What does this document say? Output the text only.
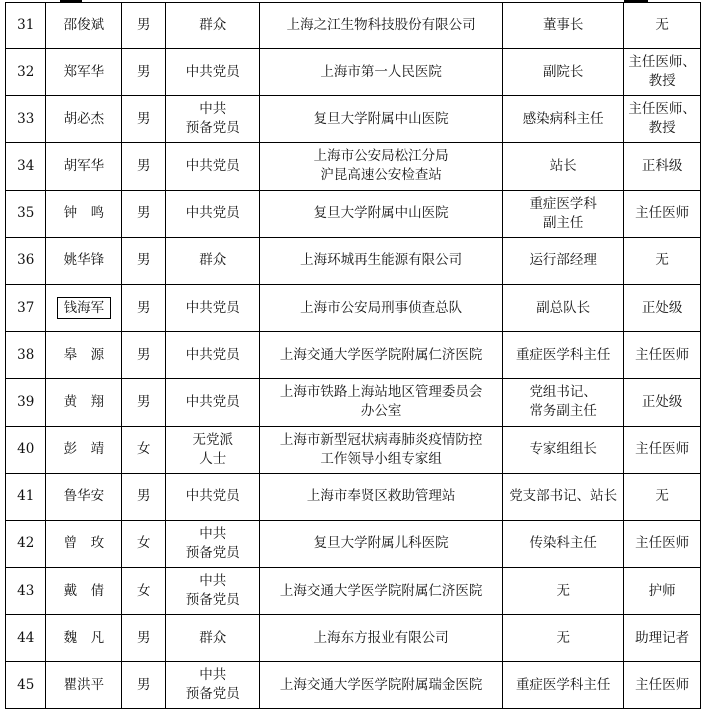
31	邵俊斌	男	群众	上海之江生物科技股份有限公司	董事长	无
32	郑军华	男	中共党员	上海市第一人民医院	副院长	主任医师、
教授
33	胡必杰	男	中共
预备党员	复旦大学附属中山医院	感染病科主任	主任医师、
教授
34	胡军华	男	中共党员	上海市公安局松江分局
沪昆高速公安检查站	站长	正科级
35	钟　鸣	男	中共党员	复旦大学附属中山医院	重症医学科
副主任	主任医师
36	姚华锋	男	群众	上海环城再生能源有限公司	运行部经理	无
37	钱海军	男	中共党员	上海市公安局刑事侦查总队	副总队长	正处级
38	皋　源	男	中共党员	上海交通大学医学院附属仁济医院	重症医学科主任	主任医师
39	黄　翔	男	中共党员	上海市铁路上海站地区管理委员会
办公室	党组书记、
常务副主任	正处级
40	彭　靖	女	无党派
人士	上海市新型冠状病毒肺炎疫情防控
工作领导小组专家组	专家组组长	主任医师
41	鲁华安	男	中共党员	上海市奉贤区救助管理站	党支部书记、站长	无
42	曾　玫	女	中共
预备党员	复旦大学附属儿科医院	传染科主任	主任医师
43	戴　倩	女	中共
预备党员	上海交通大学医学院附属仁济医院	无	护师
44	魏　凡	男	群众	上海东方报业有限公司	无	助理记者
45	瞿洪平	男	中共
预备党员	上海交通大学医学院附属瑞金医院	重症医学科主任	主任医师
